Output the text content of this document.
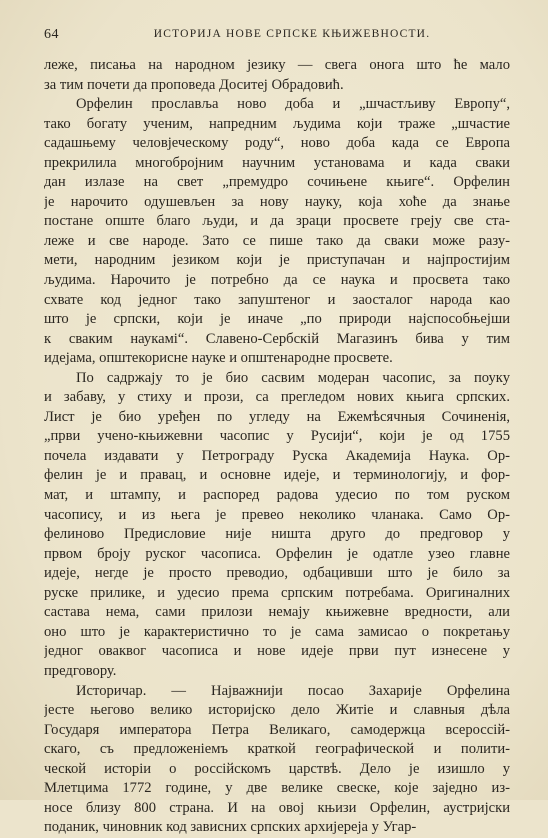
64	ИСТОРИЈА НОВЕ СРПСКЕ КЊИЖЕВНОСТИ.

леже, писања на народном језику — свега онога што ће мало
за тим почети да проповеда Доситеј Обрадовић.

Орфелин прославља ново доба и „шчастљиву Европу“,
тако богату ученим, напредним људима који траже „шчастие
садашњему человјеческому роду“, ново доба када се Европа
прекрилила многобројним научним установама и када сваки
дан излазе на свет „премудро сочињене књиге“. Орфелин
је нарочито одушевљен за нову науку, која хоће да знање
постане опште благо људи, и да зраци просвете греју све ста-
леже и све народе. Зато се пише тако да сваки може разу-
мети, народним језиком који је приступачан и најпростијим
људима. Нарочито је потребно да се наука и просвета тако
схвате код једног тако запуштеног и заосталог народа као
што је српски, који је иначе „по природи најспособњејши
к сваким наукамі“. Славено-Сербскій Магазинъ бива у тим
идејама, општекорисне науке и општенародне просвете.

По садржају то је био сасвим модеран часопис, за поуку
и забаву, у стиху и прози, са прегледом нових књига српских.
Лист је био уређен по угледу на Ежемѣсячныя Сочиненія,
„први учено-књижевни часопис у Русији“, који је од 1755
почела издавати у Петрограду Руска Академија Наука. Ор-
фелин је и правац, и основне идеје, и терминологију, и фор-
мат, и штампу, и распоред радова удесио по том руском
часопису, и из њега је превео неколико чланака. Само Ор-
фелиново Предисловие није ништа друго до предговор у
првом броју руског часописа. Орфелин је одатле узео главне
идеје, негде је просто преводио, одбацивши што је било за
руске прилике, и удесио према српским потребама. Оригиналних
састава нема, сами прилози немају књижевне вредности, али
оно што је карактеристично то је сама замисао о покретању
једног оваквог часописа и нове идеје први пут изнесене у
предговору.

Историчар. — Најважнији посао Захарије Орфелина
јесте његово велико историјско дело Житіе и славныя дѣла
Государя императора Петра Великаго, самодержца всероссій-
скаго, съ предложеніемъ краткой географической и полити-
ческой исторіи о россійскомъ царствѣ. Дело је изишло у
Млетцима 1772 године, у две велике свеске, које заједно из-
носе близу 800 страна. И на овој књизи Орфелин, аустријски
поданик, чиновник код зависних српских архијереја у Угар-
